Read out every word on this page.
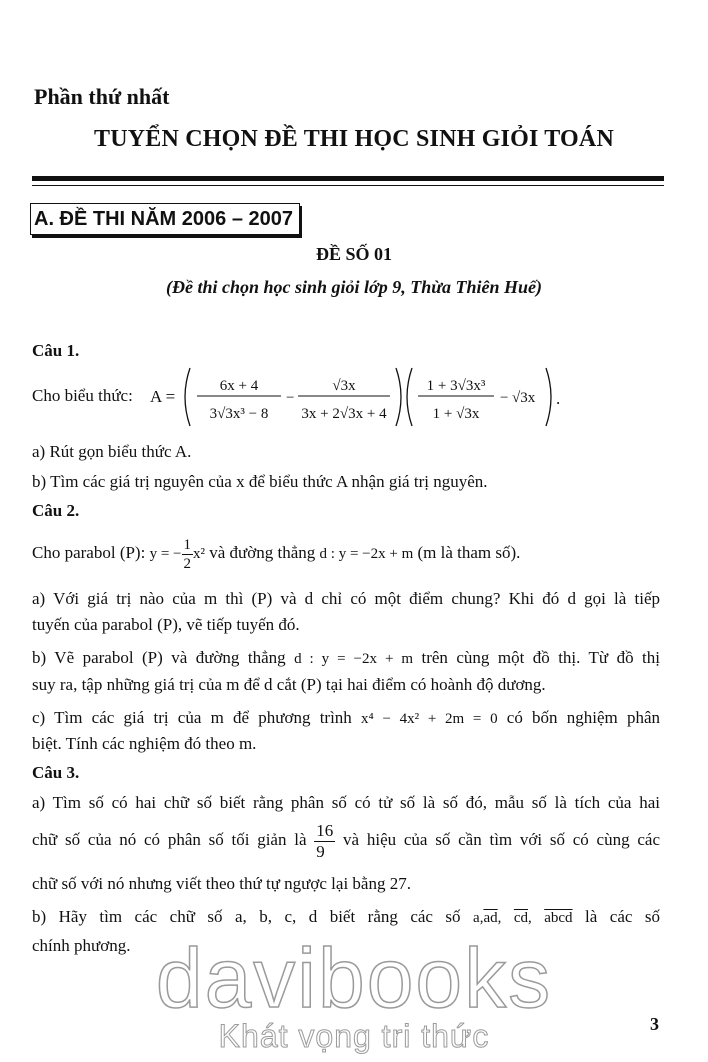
Phần thứ nhất
TUYỂN CHỌN ĐỀ THI HỌC SINH GIỎI TOÁN
A. ĐỀ THI NĂM 2006 – 2007
ĐỀ SỐ 01
(Đề thi chọn học sinh giỏi lớp 9, Thừa Thiên Huế)
Câu 1.
Cho biểu thức: A =
6x + 4
3√3x³ − 8
−
√3x
3x + 2√3x + 4
1 + 3√3x³
1 + √3x
− √3x .
a) Rút gọn biểu thức A.
b) Tìm các giá trị nguyên của x để biểu thức A nhận giá trị nguyên.
Câu 2.
Cho parabol (P): y = − $\frac{1}{2} x^2$ và đường thẳng d : y = −2x + m (m là tham số).
a) Với giá trị nào của m thì (P) và d chỉ có một điểm chung? Khi đó d gọi là tiếp
tuyến của parabol (P), vẽ tiếp tuyến đó.
b) Vẽ parabol (P) và đường thẳng d : y = −2x + m trên cùng một đồ thị. Từ đồ thị
suy ra, tập những giá trị của m để d cắt (P) tại hai điểm có hoành độ dương.
c) Tìm các giá trị của m để phương trình x⁴ − 4x² + 2m = 0 có bốn nghiệm phân
biệt. Tính các nghiệm đó theo m.
Câu 3.
a) Tìm số có hai chữ số biết rằng phân số có tử số là số đó, mẫu số là tích của hai
chữ số của nó có phân số tối giản là $\frac{16}{9}$ và hiệu của số cần tìm với số có cùng các
chữ số với nó nhưng viết theo thứ tự ngược lại bằng 27.
b) Hãy tìm các chữ số a, b, c, d biết rằng các số $a,\overline{ad}$, $\overline{cd}$, abcd là các số
chính phương. davibooks
Khát vọng tri thức	3
